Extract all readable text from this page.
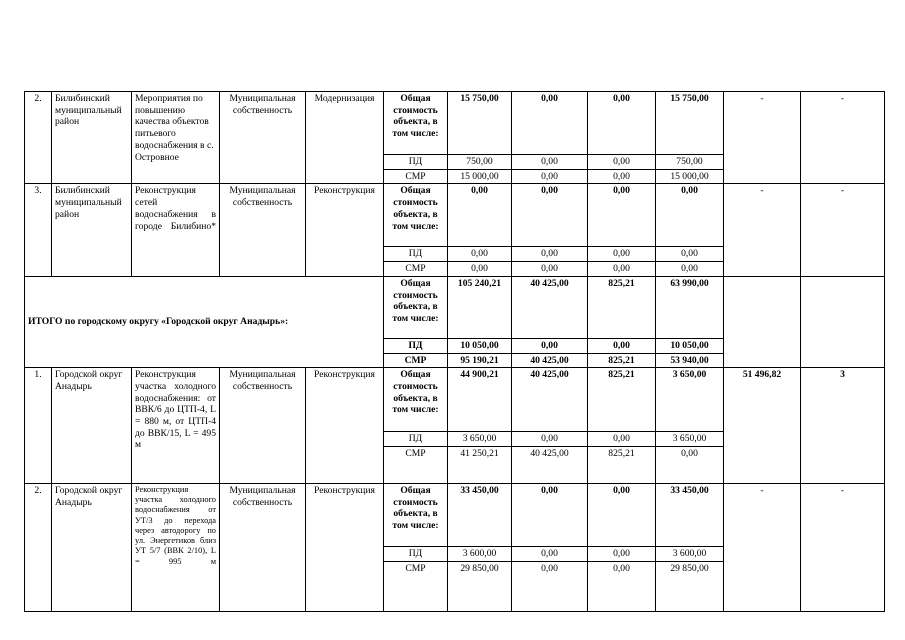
2.	Билибинский муниципальный район	Мероприятия по повышению качества объектов питьевого водоснабжения в с. Островное	Муниципальная собственность	Модернизация	Общая стоимость объекта, в том числе:	15 750,00	0,00	0,00	15 750,00	-	-
					ПД	750,00	0,00	0,00	750,00		
					СМР	15 000,00	0,00	0,00	15 000,00		
3.	Билибинский муниципальный район	Реконструкция сетей водоснабжения в городе Билибино*	Муниципальная собственность	Реконструкция	Общая стоимость объекта, в том числе:	0,00	0,00	0,00	0,00	-	-
					ПД	0,00	0,00	0,00	0,00		
					СМР	0,00	0,00	0,00	0,00		
ИТОГО по городскому округу «Городской округ Анадырь»:					Общая стоимость объекта, в том числе:	105 240,21	40 425,00	825,21	63 990,00		
					ПД	10 050,00	0,00	0,00	10 050,00		
					СМР	95 190,21	40 425,00	825,21	53 940,00		
1.	Городской округ Анадырь	Реконструкция участка холодного водоснабжения: от ВВК/6 до ЦТП-4, L = 880 м, от ЦТП-4 до ВВК/15, L = 495 м	Муниципальная собственность	Реконструкция	Общая стоимость объекта, в том числе:	44 900,21	40 425,00	825,21	3 650,00	51 496,82	3
					ПД	3 650,00	0,00	0,00	3 650,00		
					СМР	41 250,21	40 425,00	825,21	0,00		
2.	Городской округ Анадырь	Реконструкция участка холодного водоснабжения от УТ/3 до перехода через автодорогу по ул. Энергетиков близ УТ 5/7 (ВВК 2/10), L = 995 м	Муниципальная собственность	Реконструкция	Общая стоимость объекта, в том числе:	33 450,00	0,00	0,00	33 450,00	-	-
					ПД	3 600,00	0,00	0,00	3 600,00		
					СМР	29 850,00	0,00	0,00	29 850,00		
